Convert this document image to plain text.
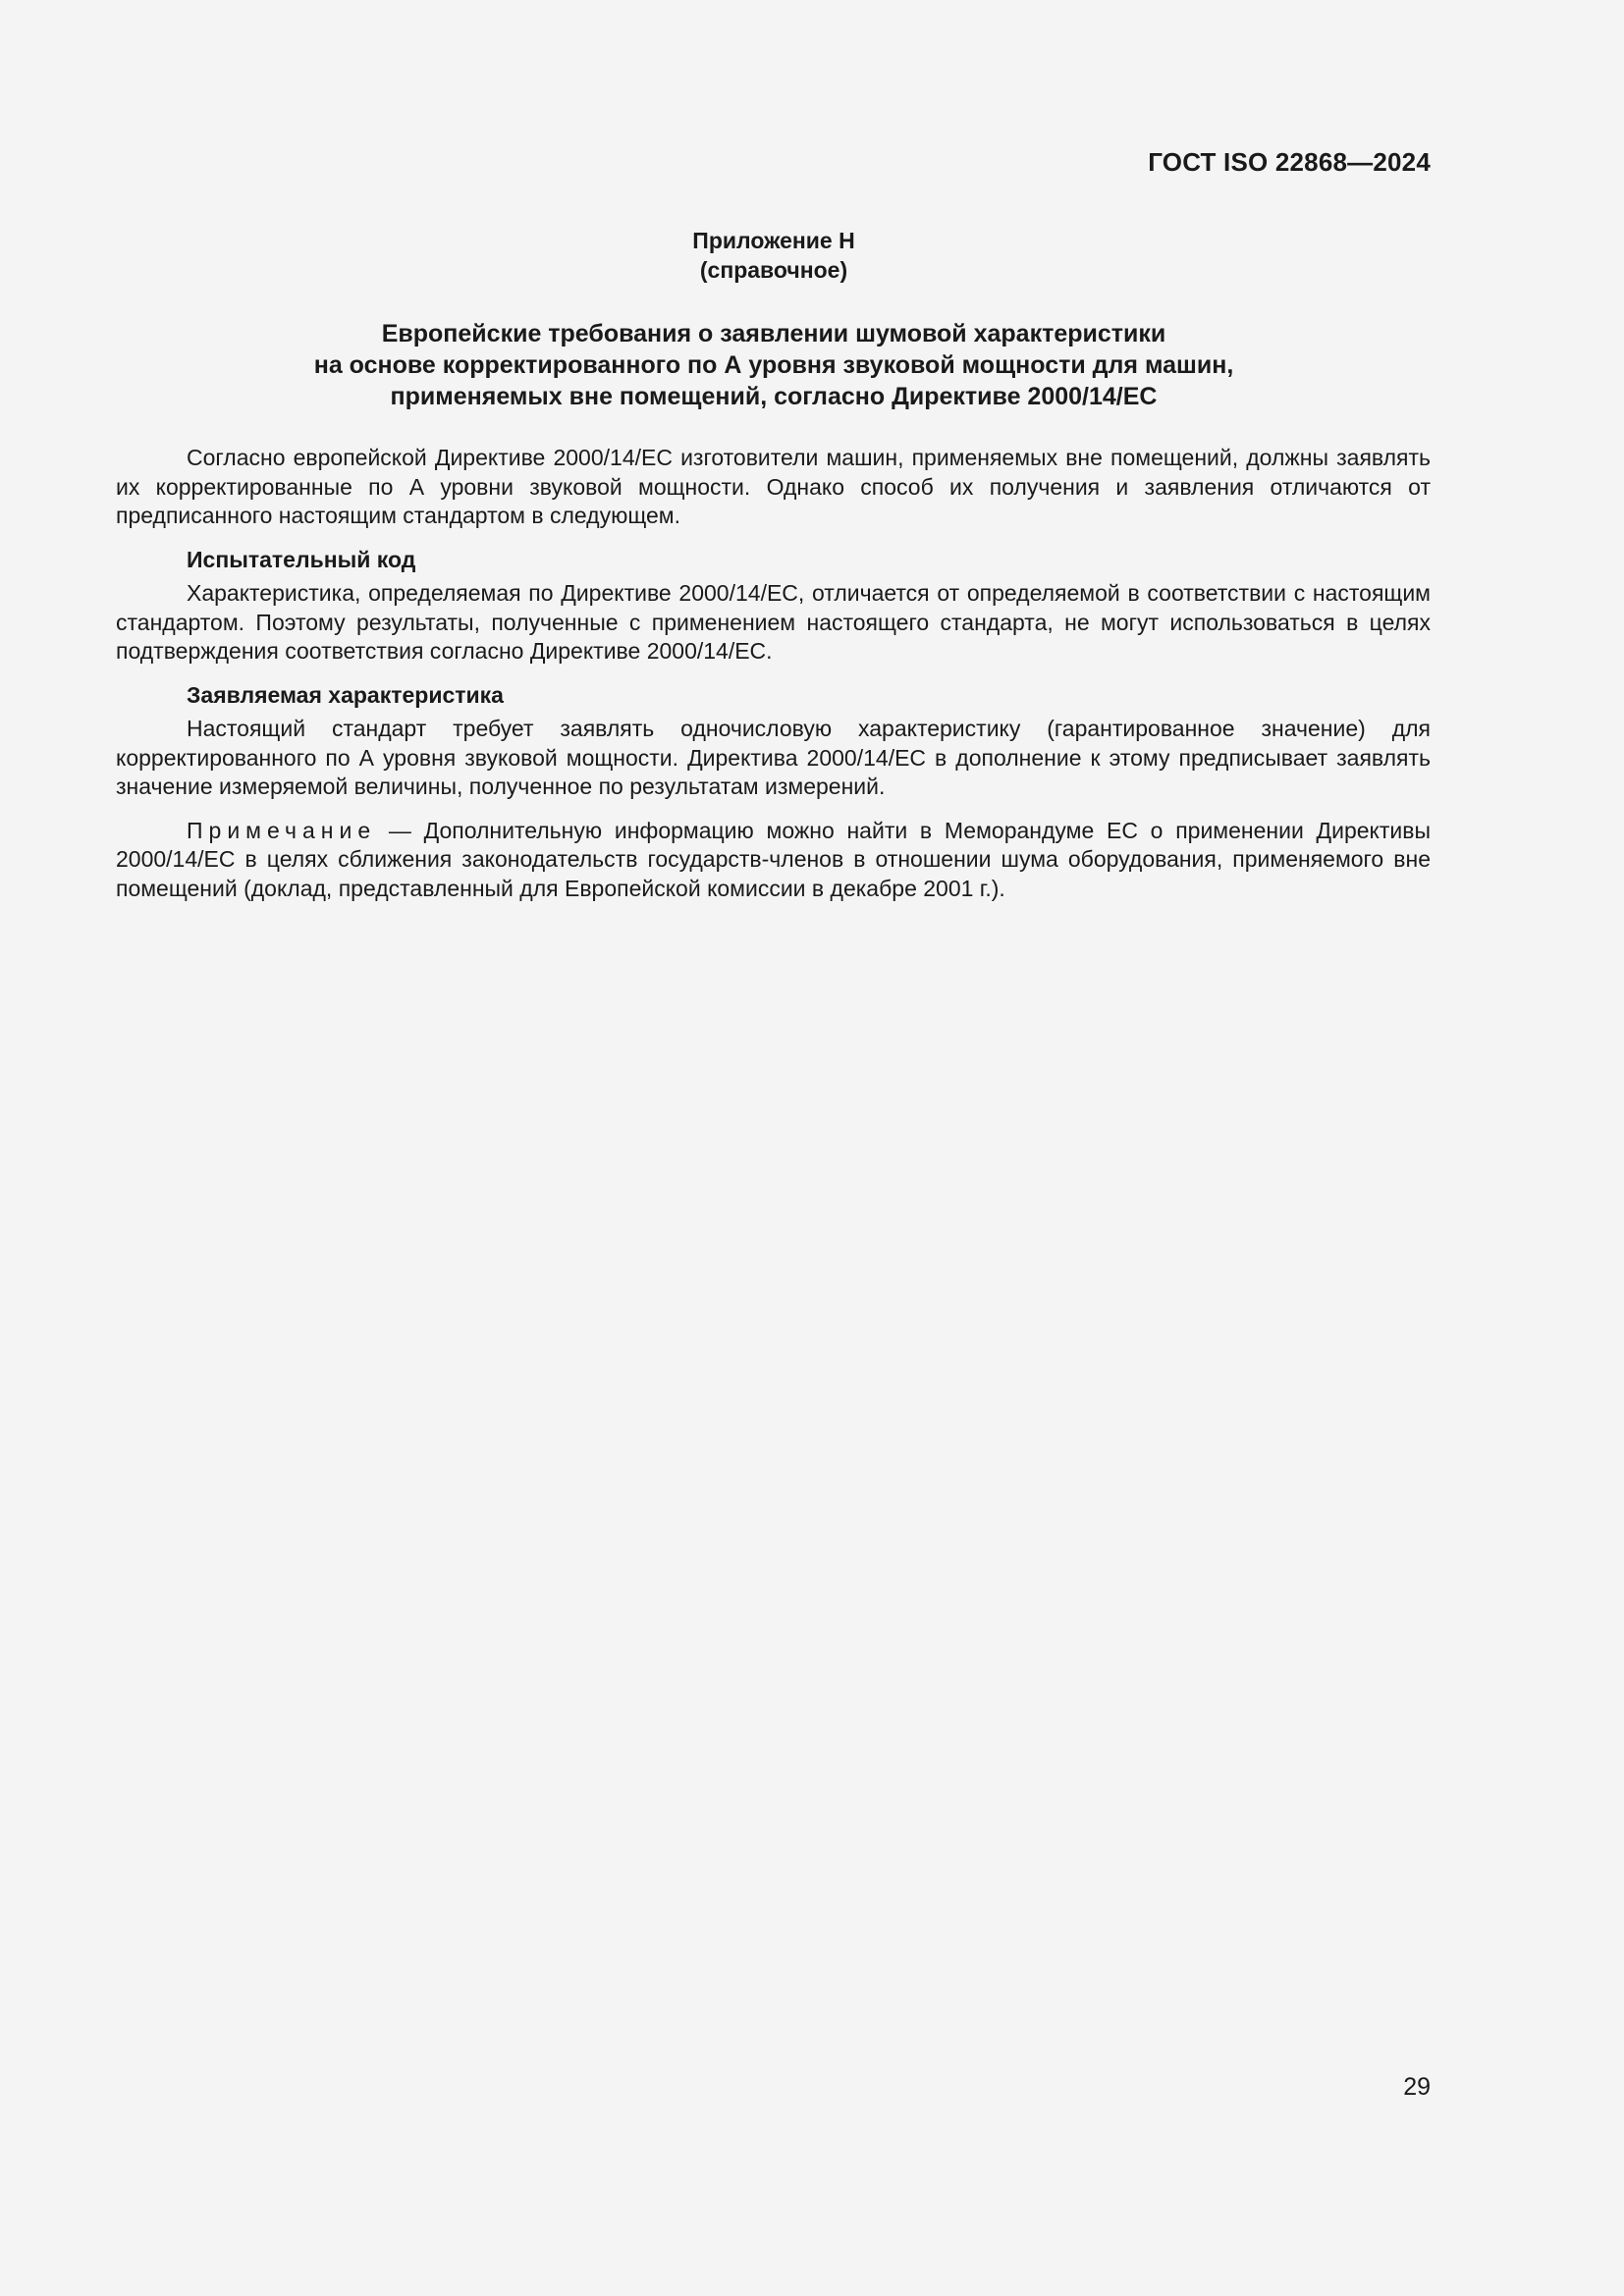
ГОСТ ISO 22868—2024
Приложение Н
(справочное)
Европейские требования о заявлении шумовой характеристики
на основе корректированного по А уровня звуковой мощности для машин,
применяемых вне помещений, согласно Директиве 2000/14/ЕС

Согласно европейской Директиве 2000/14/ЕС изготовители машин, применяемых вне помещений, должны заявлять их корректированные по А уровни звуковой мощности. Однако способ их получения и заявления отличаются от предписанного настоящим стандартом в следующем.

Испытательный код

Характеристика, определяемая по Директиве 2000/14/ЕС, отличается от определяемой в соответствии с настоящим стандартом. Поэтому результаты, полученные с применением настоящего стандарта, не могут использоваться в целях подтверждения соответствия согласно Директиве 2000/14/ЕС.

Заявляемая характеристика

Настоящий стандарт требует заявлять одночисловую характеристику (гарантированное значение) для корректированного по А уровня звуковой мощности. Директива 2000/14/ЕС в дополнение к этому предписывает заявлять значение измеряемой величины, полученное по результатам измерений.

Примечание — Дополнительную информацию можно найти в Меморандуме ЕС о применении Директивы 2000/14/ЕС в целях сближения законодательств государств-членов в отношении шума оборудования, применяемого вне помещений (доклад, представленный для Европейской комиссии в декабре 2001 г.).

29
